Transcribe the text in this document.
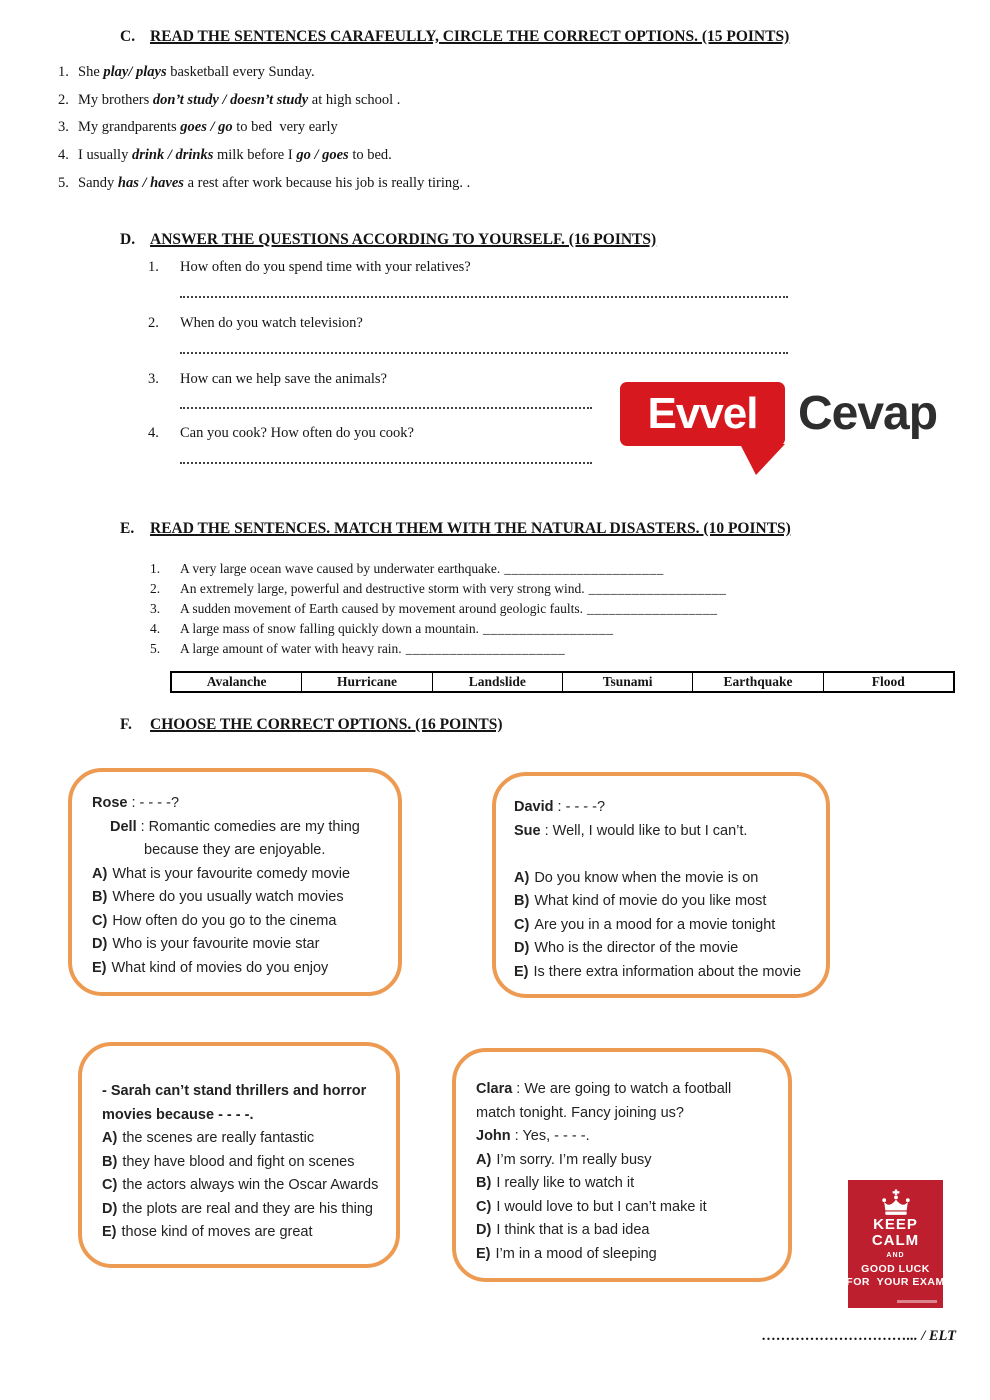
C. READ THE SENTENCES CARAFEULLY, CIRCLE THE CORRECT OPTIONS. (15 POINTS)
1. She play/ plays basketball every Sunday.
2. My brothers don’t study / doesn’t study at high school .
3. My grandparents goes / go to bed  very early
4. I usually drink / drinks milk before I go / goes to bed.
5. Sandy has / haves a rest after work because his job is really tiring. .
D. ANSWER THE QUESTIONS ACCORDING TO YOURSELF. (16 POINTS)
1. How often do you spend time with your relatives?
2. When do you watch television?
3. How can we help save the animals?
4. Can you cook? How often do you cook?	Evvel Cevap
E. READ THE SENTENCES. MATCH THEM WITH THE NATURAL DISASTERS. (10 POINTS)
1. A very large ocean wave caused by underwater earthquake. ______________________
2. An extremely large, powerful and destructive storm with very strong wind. ___________________
3. A sudden movement of Earth caused by movement around geologic faults. __________________
4. A large mass of snow falling quickly down a mountain. __________________
5. A large amount of water with heavy rain. ______________________
Avalanche	Hurricane	Landslide	Tsunami	Earthquake	Flood
F. CHOOSE THE CORRECT OPTIONS. (16 POINTS)
Rose : - - - -?
Dell : Romantic comedies are my thing
because they are enjoyable.
A) What is your favourite comedy movie
B) Where do you usually watch movies
C) How often do you go to the cinema
D) Who is your favourite movie star
E) What kind of movies do you enjoy
David : - - - -?
Sue : Well, I would like to but I can’t.
A) Do you know when the movie is on
B) What kind of movie do you like most
C) Are you in a mood for a movie tonight
D) Who is the director of the movie
E) Is there extra information about the movie
- Sarah can’t stand thrillers and horror
movies because - - - -.
A) the scenes are really fantastic
B) they have blood and fight on scenes
C) the actors always win the Oscar Awards
D) the plots are real and they are his thing
E) those kind of moves are great
Clara : We are going to watch a football
match tonight. Fancy joining us?
John : Yes, - - - -.
A) I’m sorry. I’m really busy
B) I really like to watch it
C) I would love to but I can’t make it
D) I think that is a bad idea
E) I’m in a mood of sleeping
KEEP
CALM
AND
GOOD LUCK
FOR  YOUR EXAM
…………………………... / ELT
